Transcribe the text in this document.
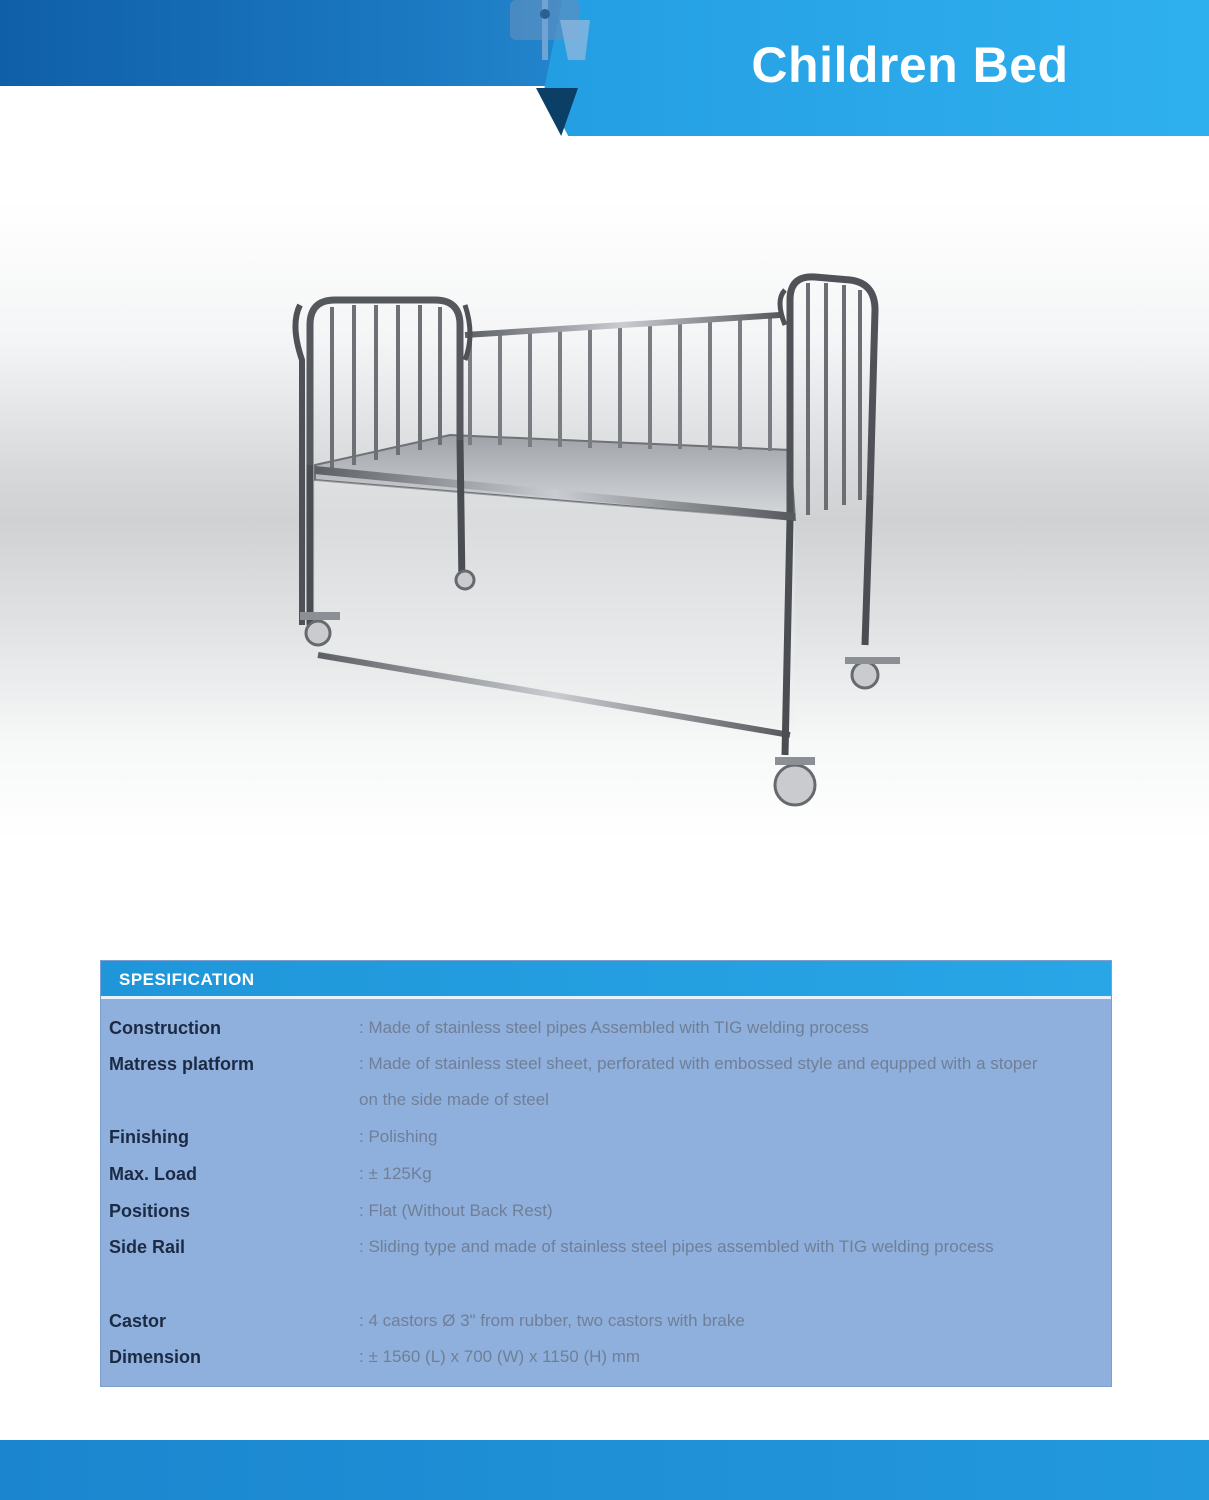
Children Bed
SPESIFICATION
Construction	: Made of stainless steel pipes Assembled with TIG welding process
Matress platform	: Made of stainless steel sheet, perforated with embossed style and equpped with a stoper on the side made of steel
Finishing	: Polishing
Max. Load	: ± 125Kg
Positions	: Flat (Without Back Rest)
Side Rail	: Sliding type and made of stainless steel pipes assembled with TIG welding process
Castor	: 4 castors Ø 3" from rubber, two castors with brake
Dimension	: ± 1560 (L) x 700 (W) x 1150 (H) mm
